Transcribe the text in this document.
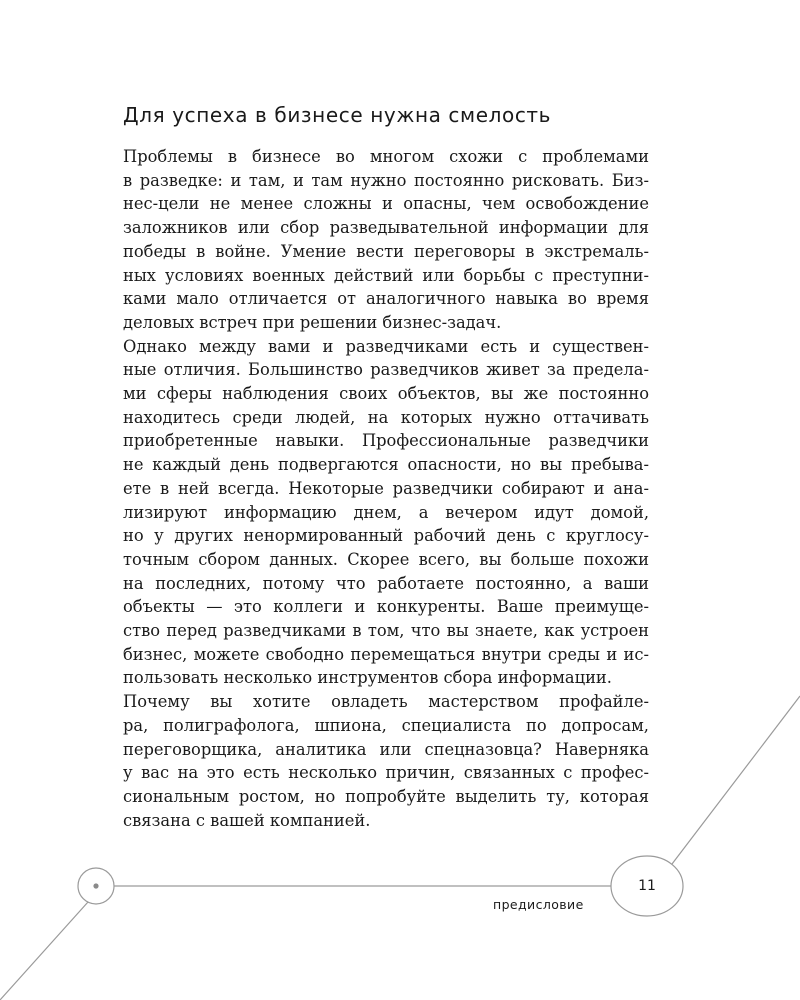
Для успеха в бизнесе нужна смелость

Проблемы в бизнесе во многом схожи с проблемами
в разведке: и там, и там нужно постоянно рисковать. Биз-
нес-цели не менее сложны и опасны, чем освобождение
заложников или сбор разведывательной информации для
победы в войне. Умение вести переговоры в экстремаль-
ных условиях военных действий или борьбы с преступни-
ками мало отличается от аналогичного навыка во время
деловых встреч при решении бизнес-задач.

Однако между вами и разведчиками есть и существен-
ные отличия. Большинство разведчиков живет за предела-
ми сферы наблюдения своих объектов, вы же постоянно
находитесь среди людей, на которых нужно оттачивать
приобретенные навыки. Профессиональные разведчики
не каждый день подвергаются опасности, но вы пребыва-
ете в ней всегда. Некоторые разведчики собирают и ана-
лизируют информацию днем, а вечером идут домой,
но у других ненормированный рабочий день с круглосу-
точным сбором данных. Скорее всего, вы больше похожи
на последних, потому что работаете постоянно, а ваши
объекты — это коллеги и конкуренты. Ваше преимуще-
ство перед разведчиками в том, что вы знаете, как устроен
бизнес, можете свободно перемещаться внутри среды и ис-
пользовать несколько инструментов сбора информации.

Почему вы хотите овладеть мастерством профайле-
ра, полиграфолога, шпиона, специалиста по допросам,
переговорщика, аналитика или спецназовца? Наверняка
у вас на это есть несколько причин, связанных с профес-
сиональным ростом, но попробуйте выделить ту, которая
связана с вашей компанией.

11
предисловие
